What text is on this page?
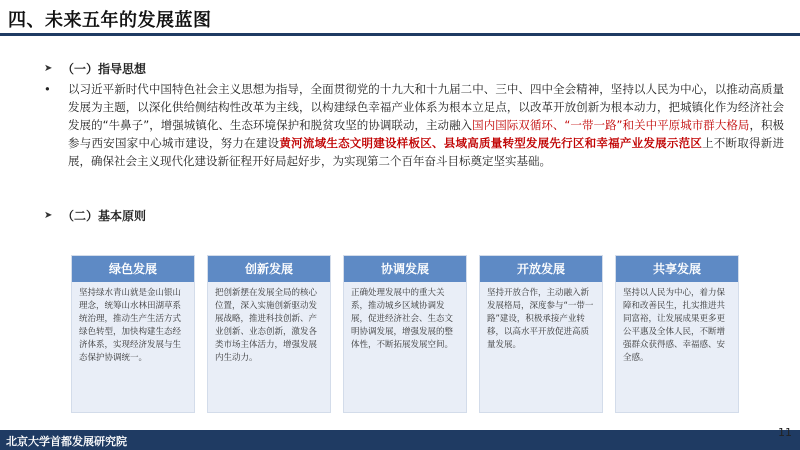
四、未来五年的发展蓝图
➤ （一）指导思想
• 以习近平新时代中国特色社会主义思想为指导，全面贯彻党的十九大和十九届二中、三中、四中全会精神，坚持以人民为中心，以推动高质量发展为主题，以深化供给侧结构性改革为主线，以构建绿色幸福产业体系为根本立足点，以改革开放创新为根本动力，把城镇化作为经济社会发展的“牛鼻子”，增强城镇化、生态环境保护和脱贫攻坚的协调联动，主动融入国内国际双循环、“一带一路”和关中平原城市群大格局，积极参与西安国家中心城市建设，努力在建设黄河流域生态文明建设样板区、县域高质量转型发展先行区和幸福产业发展示范区上不断取得新进展，确保社会主义现代化建设新征程开好局起好步，为实现第二个百年奋斗目标奠定坚实基础。
➤ （二）基本原则
绿色发展
坚持绿水青山就是金山银山理念，统筹山水林田湖草系统治理，推动生产生活方式绿色转型，加快构建生态经济体系，实现经济发展与生态保护协调统一。
创新发展
把创新摆在发展全局的核心位置，深入实施创新驱动发展战略，推进科技创新、产业创新、业态创新，激发各类市场主体活力，增强发展内生动力。
协调发展
正确处理发展中的重大关系，推动城乡区域协调发展，促进经济社会、生态文明协调发展，增强发展的整体性，不断拓展发展空间。
开放发展
坚持开放合作，主动融入新发展格局，深度参与“一带一路”建设，积极承接产业转移，以高水平开放促进高质量发展。
共享发展
坚持以人民为中心，着力保障和改善民生，扎实推进共同富裕，让发展成果更多更公平惠及全体人民，不断增强群众获得感、幸福感、安全感。
北京大学首都发展研究院
11
